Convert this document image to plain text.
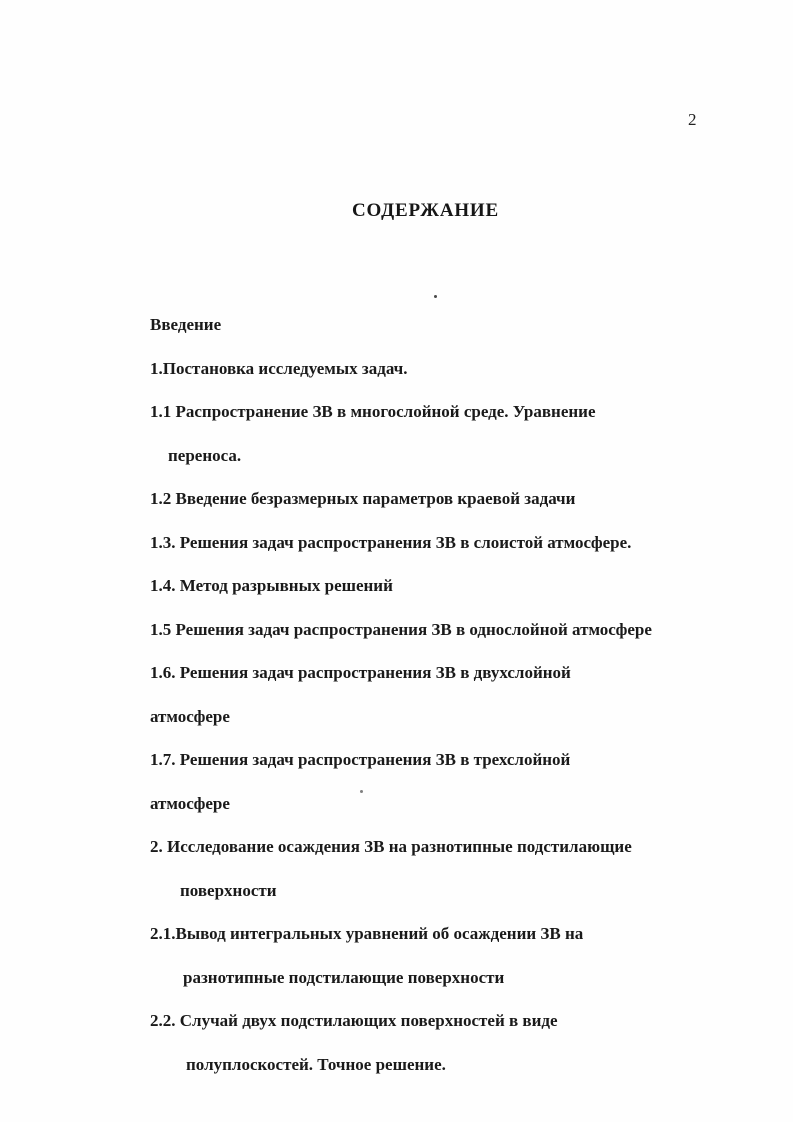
2
СОДЕРЖАНИЕ
Введение
1.Постановка исследуемых задач.
1.1 Распространение ЗВ в многослойной среде. Уравнение
переноса.
1.2 Введение безразмерных параметров краевой задачи
1.3. Решения задач распространения ЗВ в слоистой атмосфере.
1.4. Метод разрывных решений
1.5 Решения задач распространения ЗВ в однослойной атмосфере
1.6. Решения задач распространения ЗВ в двухслойной
атмосфере
1.7. Решения задач распространения ЗВ в трехслойной
атмосфере
2. Исследование осаждения ЗВ на разнотипные подстилающие
поверхности
2.1.Вывод интегральных уравнений об осаждении ЗВ на
разнотипные подстилающие поверхности
2.2. Случай двух подстилающих поверхностей в виде
полуплоскостей. Точное решение.
